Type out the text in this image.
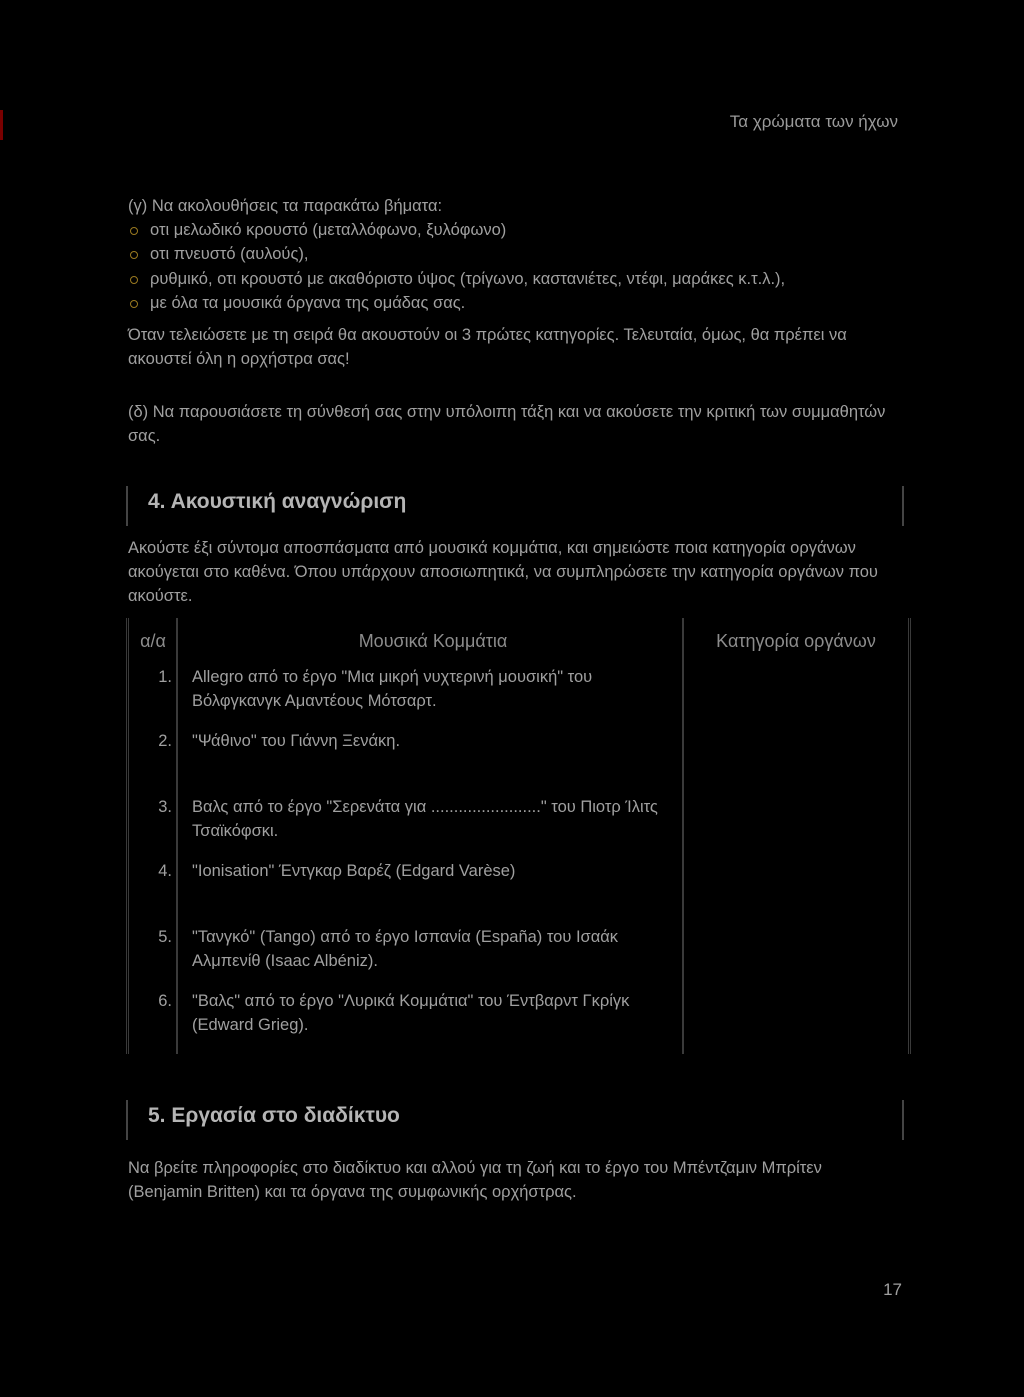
Τα χρώματα των ήχων
(γ) Να ακολουθήσεις τα παρακάτω βήματα:
οτι μελωδικό κρουστό (μεταλλόφωνο, ξυλόφωνο)
οτι πνευστό (αυλούς),
ρυθμικό, οτι κρουστό με ακαθόριστο ύψος (τρίγωνο, καστανιέτες, ντέφι, μαράκες κ.τ.λ.),
με όλα τα μουσικά όργανα της ομάδας σας.
Όταν τελειώσετε με τη σειρά θα ακουστούν οι 3 πρώτες κατηγορίες. Τελευταία, όμως, θα πρέπει να ακουστεί όλη η ορχήστρα σας!
(δ) Να παρουσιάσετε τη σύνθεσή σας στην υπόλοιπη τάξη και να ακούσετε την κριτική των συμμαθητών σας.
4. Ακουστική αναγνώριση
Ακούστε έξι σύντομα αποσπάσματα από μουσικά κομμάτια, και σημειώστε ποια κατηγορία οργάνων ακούγεται στο καθένα. Όπου υπάρχουν αποσιωπητικά, να συμπληρώσετε την κατηγορία οργάνων που ακούστε.
α/α	Μουσικά Κομμάτια	Κατηγορία οργάνων
1.	Allegro από το έργο "Μια μικρή νυχτερινή μουσική" του Βόλφγκανγκ Αμαντέους Μότσαρτ.	
2.	"Ψάθινο" του Γιάννη Ξενάκη.	
3.	Βαλς από το έργο "Σερενάτα για ........................" του Πιοτρ Ίλιτς Τσαϊκόφσκι.	
4.	"Ionisation" Έντγκαρ Βαρέζ (Edgard Varèse)	
5.	"Τανγκό" (Tango) από το έργο Ισπανία (España) του Ισαάκ Αλμπενίθ (Isaac Albéniz).	
6.	"Βαλς" από το έργο "Λυρικά Κομμάτια" του Έντβαρντ Γκρίγκ (Edward Grieg).	
5. Εργασία στο διαδίκτυο
Να βρείτε πληροφορίες στο διαδίκτυο και αλλού για τη ζωή και το έργο του Μπέντζαμιν Μπρίτεν (Benjamin Britten) και τα όργανα της συμφωνικής ορχήστρας.
17
